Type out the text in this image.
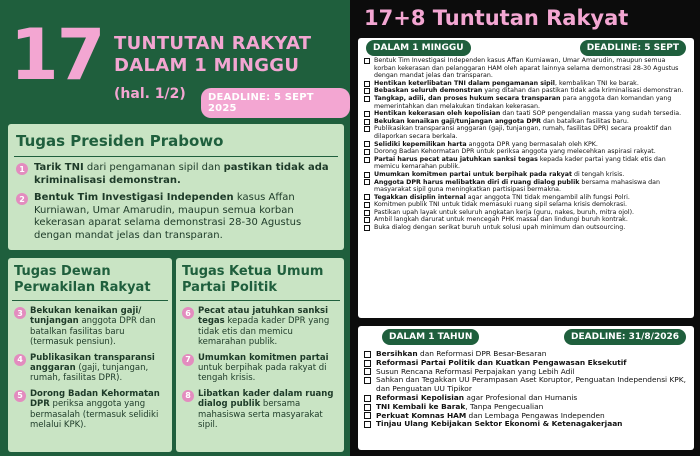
17 TUNTUTAN RAKYAT
DALAM 1 MINGGU
(hal. 1/2)	DEADLINE: 5 SEPT 2025
Tugas Presiden Prabowo
1 Tarik TNI dari pengamanan sipil dan pastikan tidak ada kriminalisasi demonstran.
2 Bentuk Tim Investigasi Independen kasus Affan Kurniawan, Umar Amarudin, maupun semua korban kekerasan aparat selama demonstrasi 28-30 Agustus dengan mandat jelas dan transparan.
Tugas Dewan Perwakilan Rakyat
3 Bekukan kenaikan gaji/ tunjangan anggota DPR dan batalkan fasilitas baru (termasuk pensiun).
4 Publikasikan transparansi anggaran (gaji, tunjangan, rumah, fasilitas DPR).
5 Dorong Badan Kehormatan DPR periksa anggota yang bermasalah (termasuk selidiki melalui KPK).
Tugas Ketua Umum Partai Politik
6 Pecat atau jatuhkan sanksi tegas kepada kader DPR yang tidak etis dan memicu kemarahan publik.
7 Umumkan komitmen partai untuk berpihak pada rakyat di tengah krisis.
8 Libatkan kader dalam ruang dialog publik bersama mahasiswa serta masyarakat sipil.
17+8 Tuntutan Rakyat
DALAM 1 MINGGU	DEADLINE: 5 SEPT
Bentuk Tim Investigasi Independen kasus Affan Kurniawan, Umar Amarudin, maupun semua korban kekerasan dan pelanggaran HAM oleh aparat lainnya selama demonstrasi 28-30 Agustus dengan mandat jelas dan transparan.
Hentikan keterlibatan TNI dalam pengamanan sipil, kembalikan TNI ke barak.
Bebaskan seluruh demonstran yang ditahan dan pastikan tidak ada kriminalisasi demonstran.
Tangkap, adili, dan proses hukum secara transparan para anggota dan komandan yang memerintahkan dan melakukan tindakan kekerasan.
Hentikan kekerasan oleh kepolisian dan taati SOP pengendalian massa yang sudah tersedia.
Bekukan kenaikan gaji/tunjangan anggota DPR dan batalkan fasilitas baru.
Publikasikan transparansi anggaran (gaji, tunjangan, rumah, fasilitas DPR) secara proaktif dan dilaporkan secara berkala.
Selidiki kepemilikan harta anggota DPR yang bermasalah oleh KPK.
Dorong Badan Kehormatan DPR untuk periksa anggota yang melecehkan aspirasi rakyat.
Partai harus pecat atau jatuhkan sanksi tegas kepada kader partai yang tidak etis dan memicu kemarahan publik.
Umumkan komitmen partai untuk berpihak pada rakyat di tengah krisis.
Anggota DPR harus melibatkan diri di ruang dialog publik bersama mahasiswa dan masyarakat sipil guna meningkatkan partisipasi bermakna.
Tegakkan disiplin internal agar anggota TNI tidak mengambil alih fungsi Polri.
Komitmen publik TNI untuk tidak memasuki ruang sipil selama krisis demokrasi.
Pastikan upah layak untuk seluruh angkatan kerja (guru, nakes, buruh, mitra ojol).
Ambil langkah darurat untuk mencegah PHK massal dan lindungi buruh kontrak.
Buka dialog dengan serikat buruh untuk solusi upah minimum dan outsourcing.
DALAM 1 TAHUN	DEADLINE: 31/8/2026
Bersihkan dan Reformasi DPR Besar-Besaran
Reformasi Partai Politik dan Kuatkan Pengawasan Eksekutif
Susun Rencana Reformasi Perpajakan yang Lebih Adil
Sahkan dan Tegakkan UU Perampasan Aset Koruptor, Penguatan Independensi KPK, dan Penguatan UU Tipikor
Reformasi Kepolisian agar Profesional dan Humanis
TNI Kembali ke Barak, Tanpa Pengecualian
Perkuat Komnas HAM dan Lembaga Pengawas Independen
Tinjau Ulang Kebijakan Sektor Ekonomi & Ketenagakerjaan
